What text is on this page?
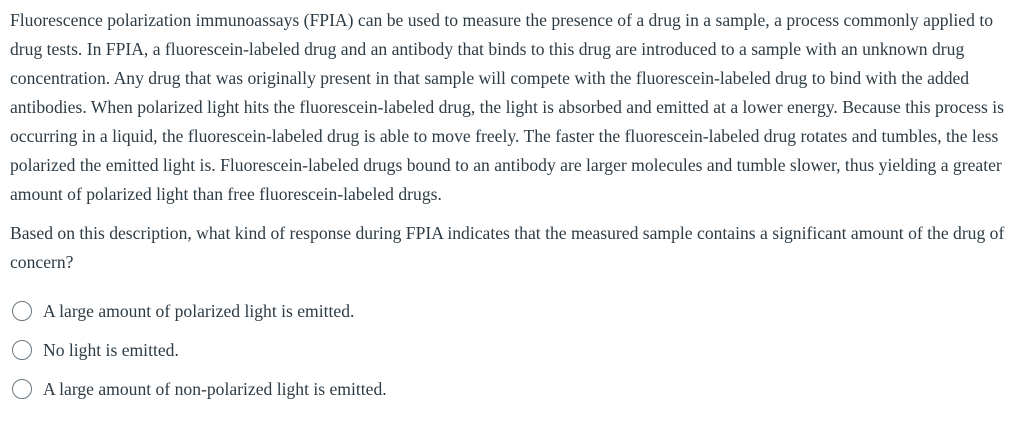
Fluorescence polarization immunoassays (FPIA) can be used to measure the presence of a drug in a sample, a process commonly applied to drug tests. In FPIA, a fluorescein-labeled drug and an antibody that binds to this drug are introduced to a sample with an unknown drug concentration. Any drug that was originally present in that sample will compete with the fluorescein-labeled drug to bind with the added antibodies. When polarized light hits the fluorescein-labeled drug, the light is absorbed and emitted at a lower energy. Because this process is occurring in a liquid, the fluorescein-labeled drug is able to move freely. The faster the fluorescein-labeled drug rotates and tumbles, the less polarized the emitted light is. Fluorescein-labeled drugs bound to an antibody are larger molecules and tumble slower, thus yielding a greater amount of polarized light than free fluorescein-labeled drugs.

Based on this description, what kind of response during FPIA indicates that the measured sample contains a significant amount of the drug of concern?

A large amount of polarized light is emitted.
No light is emitted.
A large amount of non-polarized light is emitted.
